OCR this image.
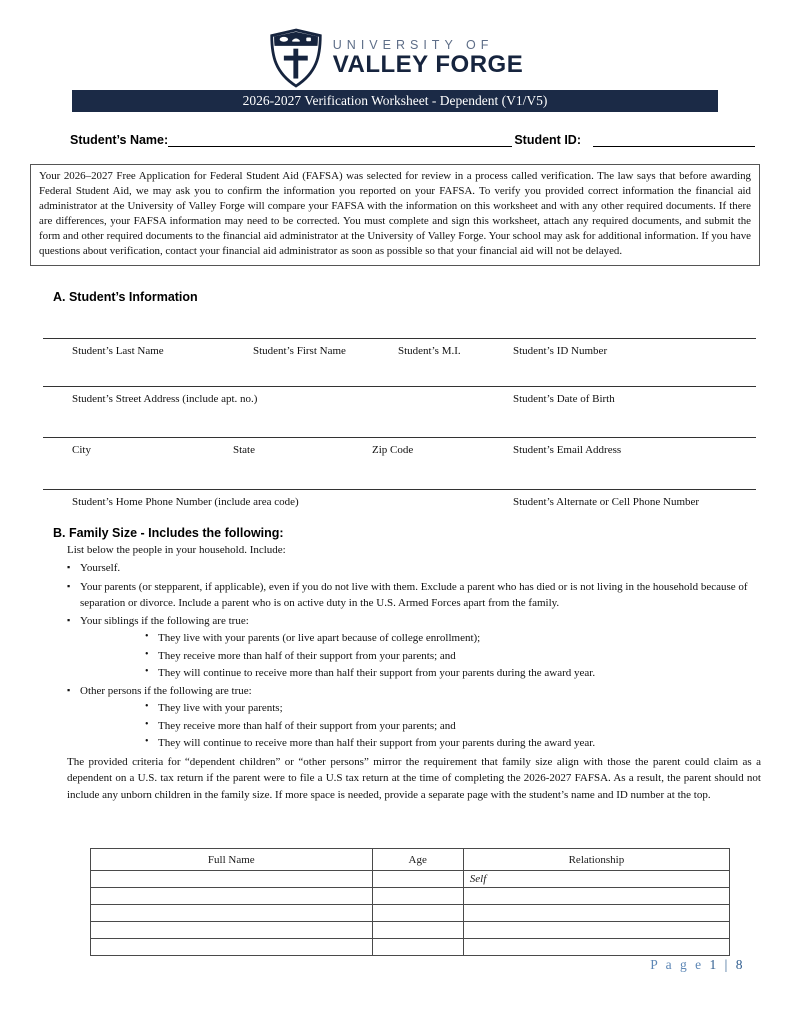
UNIVERSITY OF
VALLEY FORGE
2026-2027 Verification Worksheet - Dependent (V1/V5)
Student’s Name:	Student ID:
Your 2026–2027 Free Application for Federal Student Aid (FAFSA) was selected for review in a process called verification. The law says that before awarding Federal Student Aid, we may ask you to confirm the information you reported on your FAFSA. To verify you provided correct information the financial aid administrator at the University of Valley Forge will compare your FAFSA with the information on this worksheet and with any other required documents. If there are differences, your FAFSA information may need to be corrected. You must complete and sign this worksheet, attach any required documents, and submit the form and other required documents to the financial aid administrator at the University of Valley Forge. Your school may ask for additional information. If you have questions about verification, contact your financial aid administrator as soon as possible so that your financial aid will not be delayed.
A. Student’s Information
Student’s Last Name	Student’s First Name	Student’s M.I.	Student’s ID Number
Student’s Street Address (include apt. no.)	Student’s Date of Birth
City	State	Zip Code	Student’s Email Address
Student’s Home Phone Number (include area code)	Student’s Alternate or Cell Phone Number
B. Family Size - Includes the following:
List below the people in your household. Include:
▪ Yourself.
▪ Your parents (or stepparent, if applicable), even if you do not live with them. Exclude a parent who has died or is not living in the household because of separation or divorce. Include a parent who is on active duty in the U.S. Armed Forces apart from the family.
▪ Your siblings if the following are true:
• They live with your parents (or live apart because of college enrollment);
• They receive more than half of their support from your parents; and
• They will continue to receive more than half their support from your parents during the award year.
▪ Other persons if the following are true:
• They live with your parents;
• They receive more than half of their support from your parents; and
• They will continue to receive more than half their support from your parents during the award year.
The provided criteria for “dependent children” or “other persons” mirror the requirement that family size align with those the parent could claim as a dependent on a U.S. tax return if the parent were to file a U.S tax return at the time of completing the 2026-2027 FAFSA. As a result, the parent should not include any unborn children in the family size. If more space is needed, provide a separate page with the student’s name and ID number at the top.
Full Name	Age	Relationship
		Self

P a g e 1 | 8
